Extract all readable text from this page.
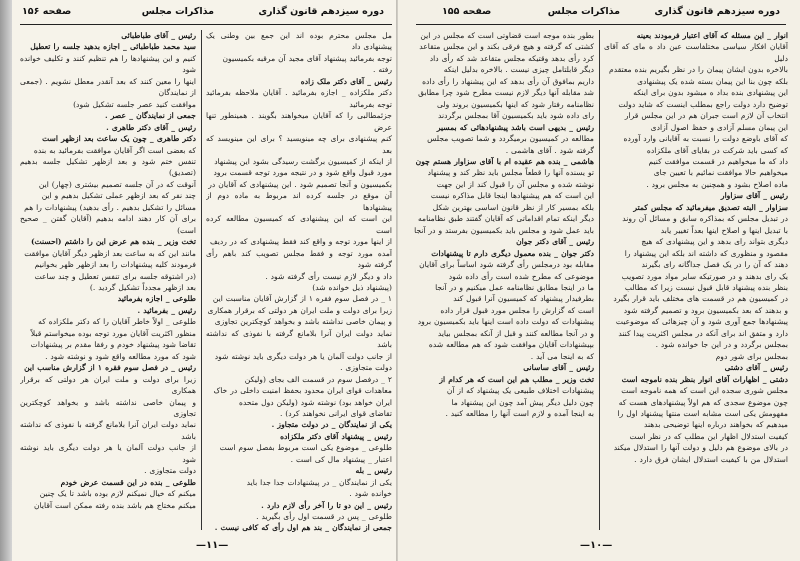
دوره سیزدهم قانون گذاری
مذاکرات مجلس
صفحه ۱۵۶

مل مجلس محترم بوده اند این جمع بین وطنی یک پیشنهادی داد

توجه بفرمائید پیشنهاد آقای مجید آن مرقبه بکمیسیون

رفته .

رئیس _ آقای دکتر ملک زاده

دکتر ملکزاده _ اجازه بفرمائید . آقایان ملاحظه بفرمائید توجه بفرمائید

جزئمطالبی را که آقایان میخواهند بگویند . همینطور تنها عرض

کنم پیشنهادی برای چه مینویسید ؟ برای این مینویسد که بعد

از اینکه از کمیسیون برگشت رسیدگی بشود این پیشنهاد

مورد قبول واقع شود و در نتیجه مورد توجه قسمت برود

بکمیسیون و آنجا تصمیم شود . این پیشنهادی که آقایان در

آن موقع در جلسه کرده اند مربوط به ماده دوم از پیشنهادها

این است که این پیشنهادی که کمیسیون مطالعه کرده است

از اینها مورد توجه و واقع کند فقط پیشنهادی که در ردیف

آمده مورد توجه و فقط مجلس تصویب کند باهم رأی گرفته شود

داد و دیگر لازم نیست رأی گرفته شود .

(پیشنهاد ذیل خوانده شد)

۱ _ در فصل سوم فقره ۱ از گزارش آقایان مناسبت این

زیرا برای دولت و ملت ایران هر دولتی که برقرار همکاری

و پیمان خاصی نداشته باشد و بخواهد کوچکترین تجاوزی

نماید دولت ایران آنرا بلامانع گرفته با نفوذی که نداشته باشد

از جانب دولت آلمان یا هر دولت دیگری باید نوشته شود

دولت متجاوزی .

۲ _ درفصل سوم در قسمت الف بجای (ولیکن

معاهدات قوای ایران محدود بحفظ امنیت داخلی در خاک

ایران خواهد بود) نوشته شود (ولیکن دول متحده

تقاضای قوای ایرانی نخواهند کرد) .

یکی از نمایندگان _ در دولت متجاوز .

رئیس _ پیشنهاد آقای دکتر ملکزاده

طلوعی _ موضوع یکی است مربوط بفصل سوم است

اعتبار _ پیشنهاد مال کی است .

رئیس _ بله

یکی از نمایندگان _ در پیشنهادات جدا جدا باید

خوانده شود .

رئیس _ این دو تا را آخر رأی لازم دارد .

طلوعی _ پس در قسمت اول رأی بگیرید .

جمعی از نمایندگان _ بند هم اول رأی که کافی نیست .

رئیس _ آقای طباطبائی

سید محمد طباطبائی _ اجازه بدهید جلسه را تعطیل

کنیم و این پیشنهادها را هم تنظیم کنند و تکلیف خوانده شود

اینها را معین کنند که بعد آنقدر معطل نشویم . (جمعی از نمایندگان

موافقت کنید عصر جلسه تشکیل شود)

جمعی از نمایندگان _ عصر .

رئیس _ آقای دکتر طاهری .

دکتر طاهری _ چون یک ساعت بعد ازظهر است

که بعضی است اگر آقایان موافقت بفرمائید به بنده

تنفس ختم شود و بعد ازظهر تشکیل جلسه بدهیم (تصدیق)

آنوقت که در آن جلسه تصمیم بیشتری (چهار) این

چند نفر که بعد ازظهر عملی تشکیل بدهیم و این

مسائل را تشکیل بدهیم . رأی بدهید) پیشنهادات را هم

برای آن کار دهند ادامه بدهیم (آقایان گفتن _ صحیح است)

تخت وزیر _ بنده هم عرض این را داشتم (احسنت)

مانند این که به ساعت بعد ازظهر دیگر آقایان موافقت

فرمودند کلیه پیشنهادات را بعد ازظهر ظهر بخوانیم

(در اشتوقه جلسه برای تنفس تعطیل و چند ساعت

بعد ازظهر مجدداً تشکیل گردید .)

طلوعی _ اجازه بفرمائید

رئیس _ بفرمائید .

طلوعی _ اولاً خاطر آقایان را که دکتر ملکزاده که

منظور اکثریت آقایان مورد توجه بوده میخواستم قبلاً

تقاضا شود پیشنهاد خودم و رفقا مقدم بر پیشنهادات

شود که مورد مطالعه واقع شود و نوشته شود .

رئیس _ در فصل سوم فقره ۱ از گزارش مناسب این

زیرا برای دولت و ملت ایران هر دولتی که برقرار همکاری

و پیمان خاصی نداشته باشد و بخواهد کوچکترین تجاوزی

نماید دولت ایران آنرا بلامانع گرفته با نفوذی که نداشته باشد

از جانب دولت آلمان یا هر دولت دیگری باید نوشته شود

دولت متجاوزی .

طلوعی _ بنده در این قسمت عرض خودم

میکنم که خیال نمیکنم لازم بوده باشد تا یک چنین

میکنم مختاج هم باشد بنده رفته ممکن است آقایان

—۱۱—
دوره سیزدهم قانون گذاری
مذاکرات مجلس
صفحه ۱۵۵

انوار _ این مسئله که آقای اعتبار فرمودند بعینه

آقایان افکار سیاسی مختلفاست عین داد ه مای که آقای دلیل

بالاخره بدون ایشان پیمان را در نظر بگیریم بنده معتقدم

بلکه چون بنا این پیمان بسته شده یک پیشنهادی

این پیشنهادی بنده بداد ه میشود بدون برای اینکه

توضیح دارد دولت راجع بمطلب اینست که شاید دولت

انتخاب آن لازم است جبران هم در این مجلس قرار

این پیمان مسلم آزادی و حفظ اصول آزادی

که آقای باوضع دولت را نسبت به آقایانی وارد آورده

که کسی باید شرکت در بقایای آقای ملکزاده

داد که ما میخواهیم در قسمت موافقت کنیم

میخواهیم حالا موافقت نمائیم با تعیین جای

ماده اصلاح بشود و همچنین به مجلس برود .

رئیس _ آقای سزاوار

سزاوار _ البته تصدیق میفرمائید که مجلس کمتر

در تبدیل مجلس که بمذاکره سابق و مسائل آن روند

با تبدیل اینها و اصلاح اینها بعداً تغییر یابد

دیگری بتواند رای بدهد و این پیشنهادی که هیچ

مقصود و منظوری که داشته اند بلکه این پیشنهاد را

دهند که آن را در یک فصل جداگانه رای بگیرند

یک رای بدهند و در صورتیکه سایر مواد مورد تصویب

بنظر بنده پیشنهاد قابل قبول نیست زیرا که مطالب

در کمیسیون هم در قسمت های مختلف باید قرار بگیرد

و بدهند که بعد بکمیسیون برود و تصمیم گرفته شود

پیشنهادها جمع آوری شود و آن چیزهائی که موضوعیت

دارد و متفق اند برای آنکه در مجلس اکثریت پیدا کنند

بمجلس برگردد و در این جا خوانده شود .

بمجلس برای شور دوم

رئیس _ آقای دشتی

دشتی _ اظهارات آقای انوار بنظر بنده ناموجه است

مجلس شوری سجده این است که همه ناموجه است

چون موضوع سجدی که هم اولاً پیشنهادهای هست که

مفهومش یکی است مشابه است منتها پیشنهاد اول را

میدهیم که بخواهند درباره اینها توضیحی بدهند

کیفیت استدلال اظهار این مطلب که در نظر است

در بالای موضوع هم دلیل و دولت آنها را استدلال میکند

استدلال من با کیفیت استدلال ایشان فرق دارد .

بطور بنده موجه است قضاوتی است که مجلس در این

کشتی که گرفته و هیچ فرقی بکند و این مجلس متقاعد

کرد رأی بدهد وقتیکه مجلس متقاعد شد که رأی داد

دیگر قابلتامل چیزی نیست . بالاخره بدلیل اینکه

داریم بمافوق آن رأی بدهد که این پیشنهاد را رأی داده

شد مقابله آنها دیگر لازم نیست مطرح شود چرا مطابق

نظامنامه رفتار شود که اینها بکمیسیون بروند ولی

رای داده شود باید بکمیسیون آقا بمجلس برگردند

رئیس _ بدیهی است باشد پیشنهادهائی که بمسیر

مطالعه در کمیسیون برمیگردد و شما تصویب مجلس

گرفته شود . آقای هاشمی .

هاشمی _ بنده هم عقیده ام با آقای سزاوار هستم چون

تو یسنده آنها را قطعاً مجلس باید نظر کند و پیشنهاد

نوشته شده و مجلس آن را قبول کند از این جهت

این است که هم پیشنهادها اینجا قابل مذاکره نیست

بلکه بمسیر کار از نظر قانون اساسی بهترین شکل

دیگر اینکه تمام اقداماتی که آقایان گفتند طبق نظامنامه

باید عمل شود و مجلس باید بکمیسیون بفرستد و در آنجا

رئیس _ آقای دکتر جوان

دکتر جوان _ بنده معمول دیگری دارم تا پیشنهادات

مقابله بود درمجلس رأی گرفته شود اساساً برای آقایان

موضوعی که مطرح شده است رأی داده شود

ما در اینجا مطابق نظامنامه عمل میکنیم و در آنجا

بطرفیدار پیشنهاد که کمیسیون آنرا قبول کند

است که گزارش را مجلس مورد قبول قرار داده

پیشنهادات که دولت داده است اینها باید بکمیسیون برود

و در آنجا مطالعه کنند و قبل از آنکه بمجلس بیاید

بپیشنهادات آقایان موافقت شود که هم مطالعه شده

که به اینجا می آید .

رئیس _ آقای ساسانی

تخت وزیر _ مطلب هم این است که هر کدام از

پیشنهادات اختلاف طبیعی یک پیشنهاد که از آن

چون دلیل دیگر پیش آمد چون این پیشنهاد ما

به اینجا آمده و لازم است آنها را مطالعه کنید .

—۱۰—
